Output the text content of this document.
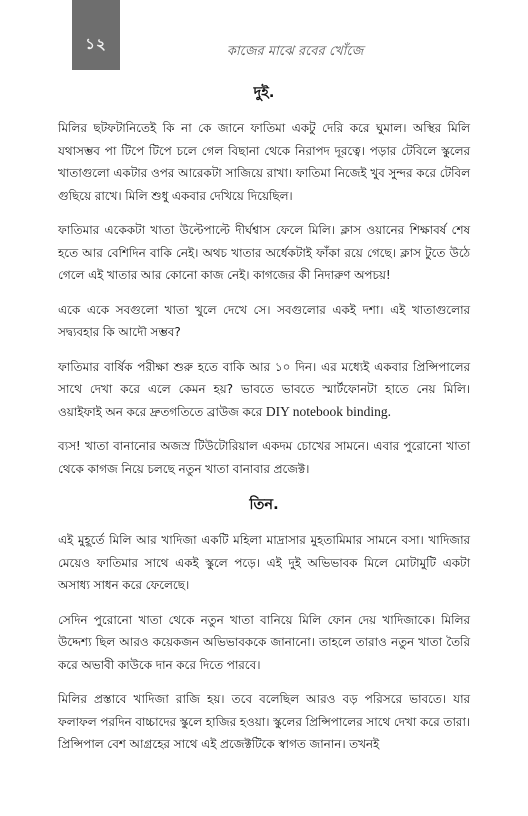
১২	কাজের মাঝে রবের খোঁজে
দুই.

মিলির ছটফটানিতেই কি না কে জানে ফাতিমা একটু দেরি করে ঘুমাল। অস্থির মিলি যথাসম্ভব পা টিপে টিপে চলে গেল বিছানা থেকে নিরাপদ দূরত্বে। পড়ার টেবিলে স্কুলের খাতাগুলো একটার ওপর আরেকটা সাজিয়ে রাখা। ফাতিমা নিজেই খুব সুন্দর করে টেবিল গুছিয়ে রাখে। মিলি শুধু একবার দেখিয়ে দিয়েছিল।

ফাতিমার একেকটা খাতা উল্টেপাল্টে দীর্ঘশ্বাস ফেলে মিলি। ক্লাস ওয়ানের শিক্ষাবর্ষ শেষ হতে আর বেশিদিন বাকি নেই। অথচ খাতার অর্ধেকটাই ফাঁকা রয়ে গেছে। ক্লাস টুতে উঠে গেলে এই খাতার আর কোনো কাজ নেই। কাগজের কী নিদারুণ অপচয়!

একে একে সবগুলো খাতা খুলে দেখে সে। সবগুলোর একই দশা। এই খাতাগুলোর সদ্ব্যবহার কি আদৌ সম্ভব?

ফাতিমার বার্ষিক পরীক্ষা শুরু হতে বাকি আর ১০ দিন। এর মধ্যেই একবার প্রিন্সিপালের সাথে দেখা করে এলে কেমন হয়? ভাবতে ভাবতে স্মার্টফোনটা হাতে নেয় মিলি। ওয়াইফাই অন করে দ্রুতগতিতে ব্রাউজ করে DIY notebook binding.

ব্যস! খাতা বানানোর অজস্র টিউটোরিয়াল একদম চোখের সামনে। এবার পুরোনো খাতা থেকে কাগজ নিয়ে চলছে নতুন খাতা বানাবার প্রজেক্ট।

তিন.

এই মুহূর্তে মিলি আর খাদিজা একটি মহিলা মাদ্রাসার মুহতামিমার সামনে বসা। খাদিজার মেয়েও ফাতিমার সাথে একই স্কুলে পড়ে। এই দুই অভিভাবক মিলে মোটামুটি একটা অসাধ্য সাধন করে ফেলেছে।

সেদিন পুরোনো খাতা থেকে নতুন খাতা বানিয়ে মিলি ফোন দেয় খাদিজাকে। মিলির উদ্দেশ্য ছিল আরও কয়েকজন অভিভাবককে জানানো। তাহলে তারাও নতুন খাতা তৈরি করে অভাবী কাউকে দান করে দিতে পারবে।

মিলির প্রস্তাবে খাদিজা রাজি হয়। তবে বলেছিল আরও বড় পরিসরে ভাবতে। যার ফলাফল পরদিন বাচ্চাদের স্কুলে হাজির হওয়া। স্কুলের প্রিন্সিপালের সাথে দেখা করে তারা। প্রিন্সিপাল বেশ আগ্রহের সাথে এই প্রজেক্টটিকে স্বাগত জানান। তখনই
